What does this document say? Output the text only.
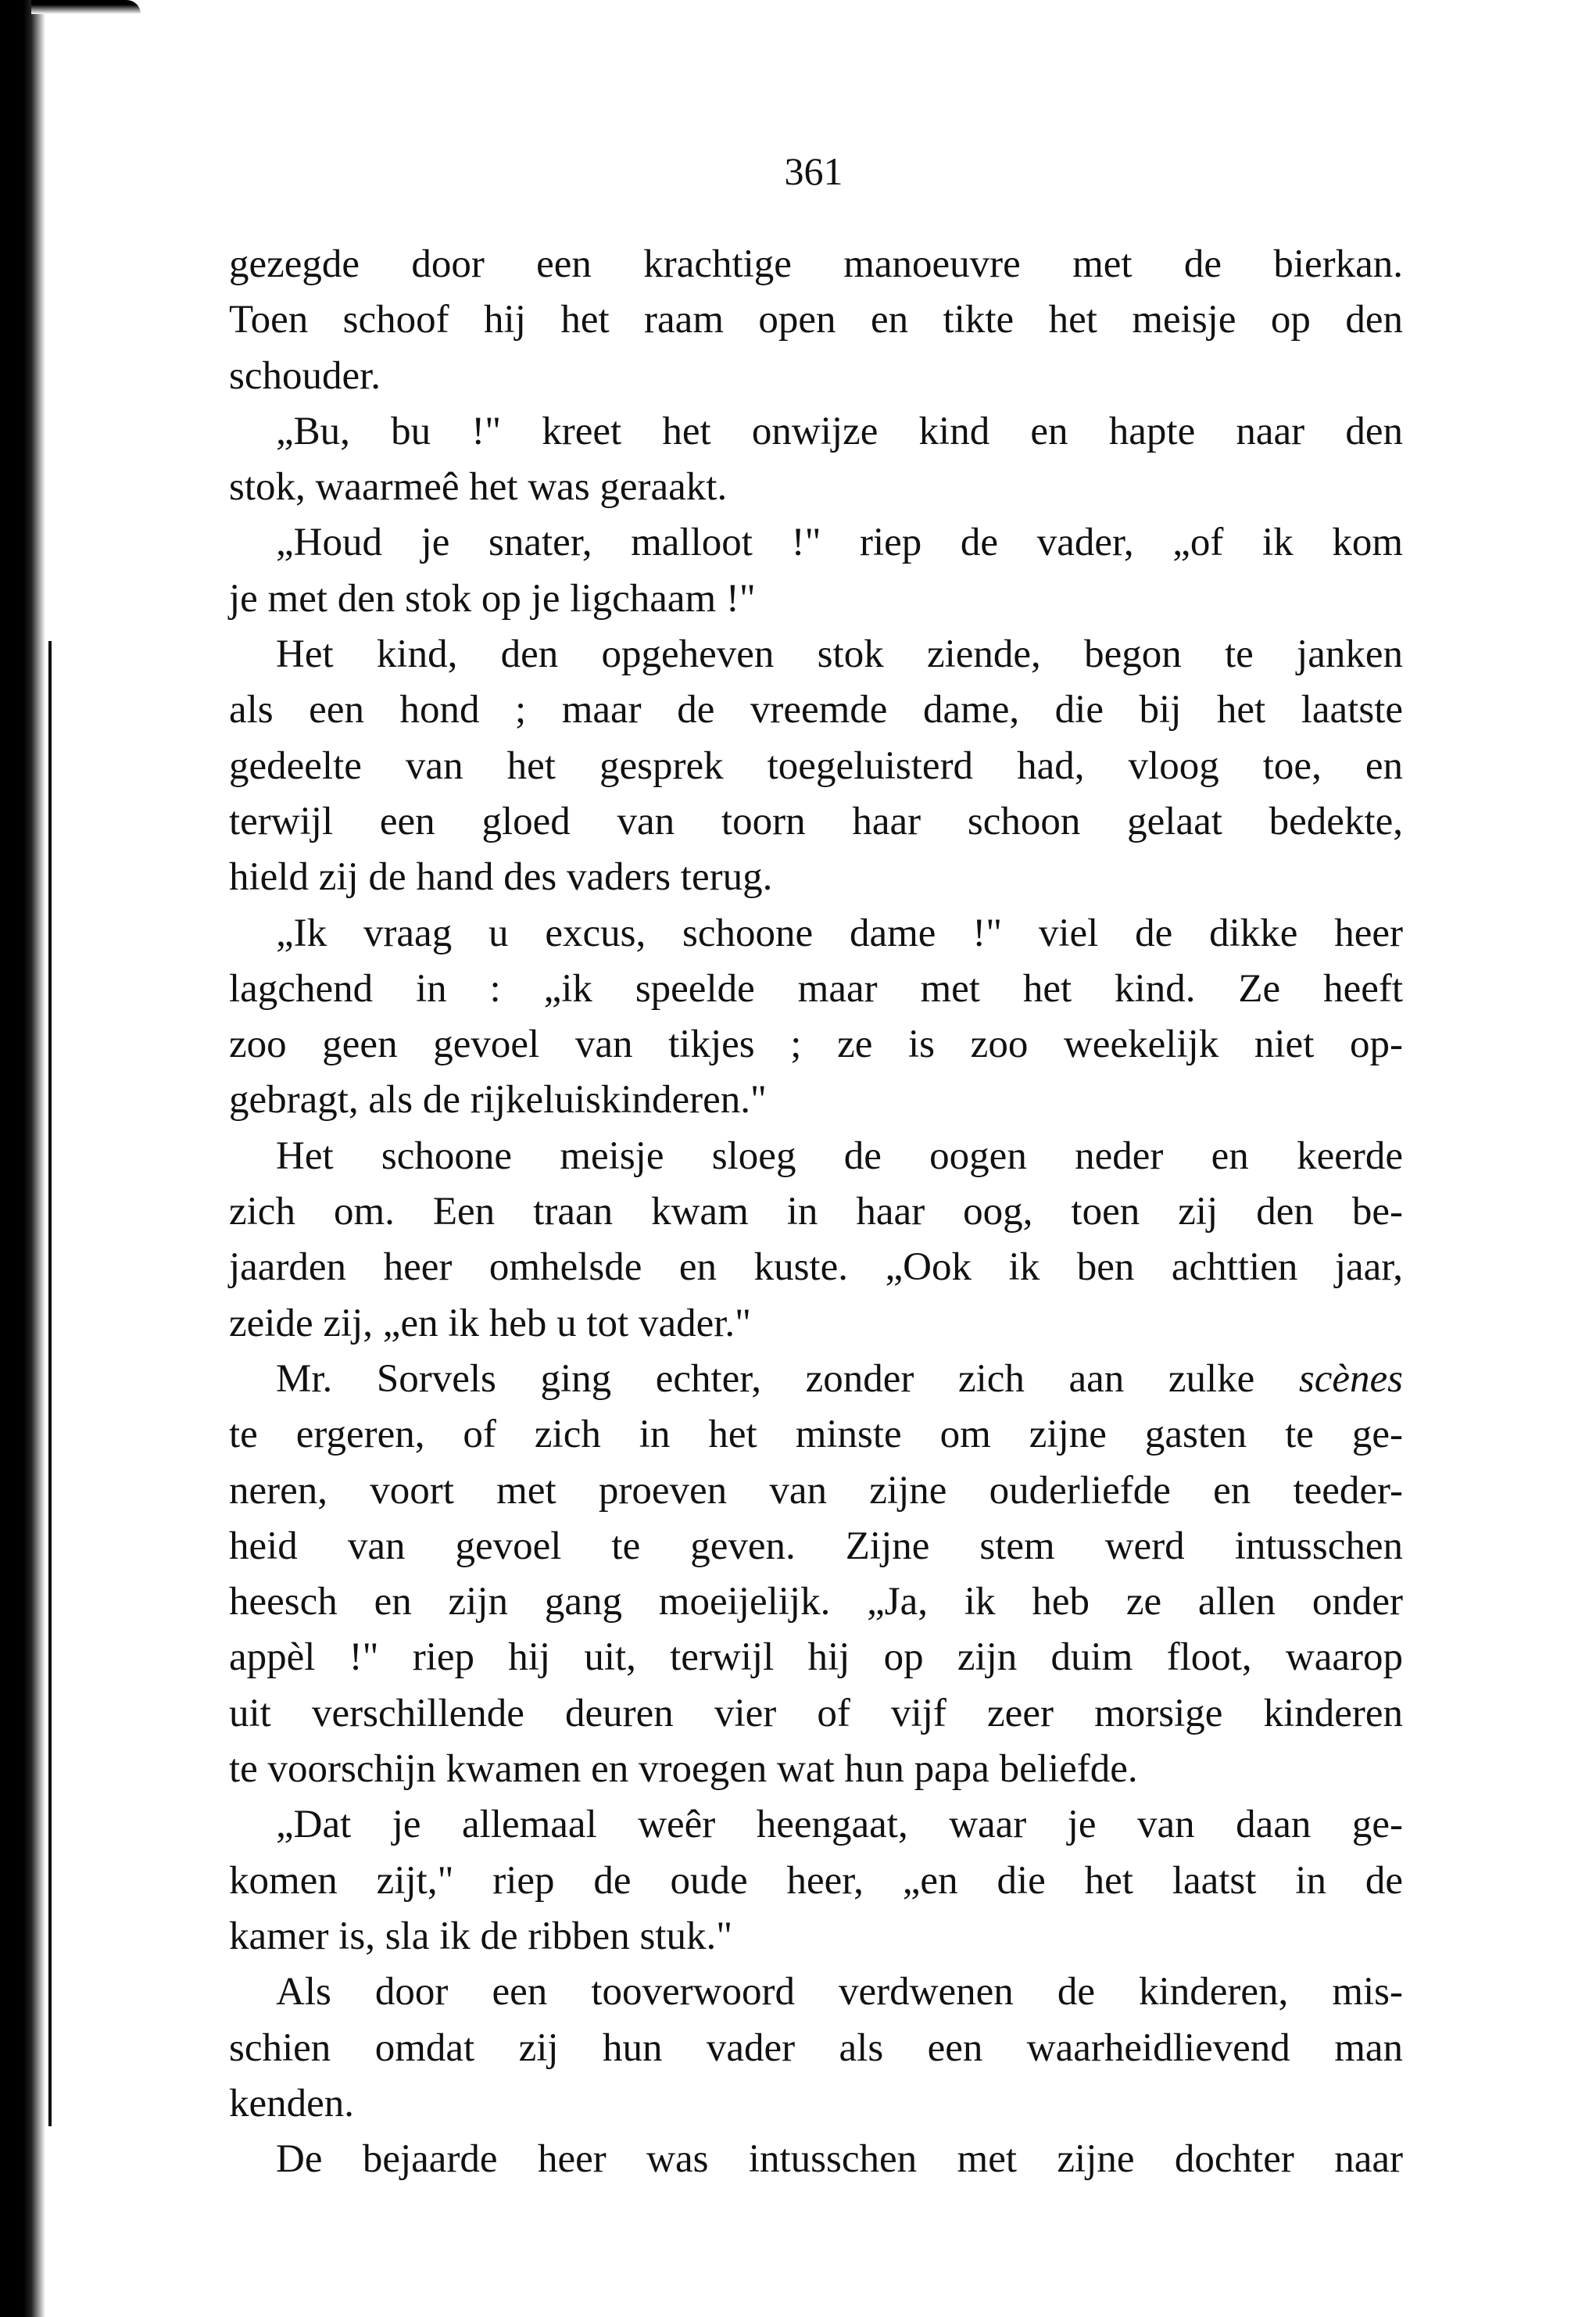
361
gezegde door een krachtige manoeuvre met de bierkan.
Toen schoof hij het raam open en tikte het meisje op den
schouder.
„Bu, bu !" kreet het onwijze kind en hapte naar den
stok, waarmeê het was geraakt.
„Houd je snater, malloot !" riep de vader, „of ik kom
je met den stok op je ligchaam !"
Het kind, den opgeheven stok ziende, begon te janken
als een hond ; maar de vreemde dame, die bij het laatste
gedeelte van het gesprek toegeluisterd had, vloog toe, en
terwijl een gloed van toorn haar schoon gelaat bedekte,
hield zij de hand des vaders terug.
„Ik vraag u excus, schoone dame !" viel de dikke heer
lagchend in : „ik speelde maar met het kind. Ze heeft
zoo geen gevoel van tikjes ; ze is zoo weekelijk niet op-
gebragt, als de rijkeluiskinderen."
Het schoone meisje sloeg de oogen neder en keerde
zich om. Een traan kwam in haar oog, toen zij den be-
jaarden heer omhelsde en kuste. „Ook ik ben achttien jaar,
zeide zij, „en ik heb u tot vader."
Mr. Sorvels ging echter, zonder zich aan zulke scènes
te ergeren, of zich in het minste om zijne gasten te ge-
neren, voort met proeven van zijne ouderliefde en teeder-
heid van gevoel te geven. Zijne stem werd intusschen
heesch en zijn gang moeijelijk. „Ja, ik heb ze allen onder
appèl !" riep hij uit, terwijl hij op zijn duim floot, waarop
uit verschillende deuren vier of vijf zeer morsige kinderen
te voorschijn kwamen en vroegen wat hun papa beliefde.
„Dat je allemaal weêr heengaat, waar je van daan ge-
komen zijt," riep de oude heer, „en die het laatst in de
kamer is, sla ik de ribben stuk."
Als door een tooverwoord verdwenen de kinderen, mis-
schien omdat zij hun vader als een waarheidlievend man
kenden.
De bejaarde heer was intusschen met zijne dochter naar
